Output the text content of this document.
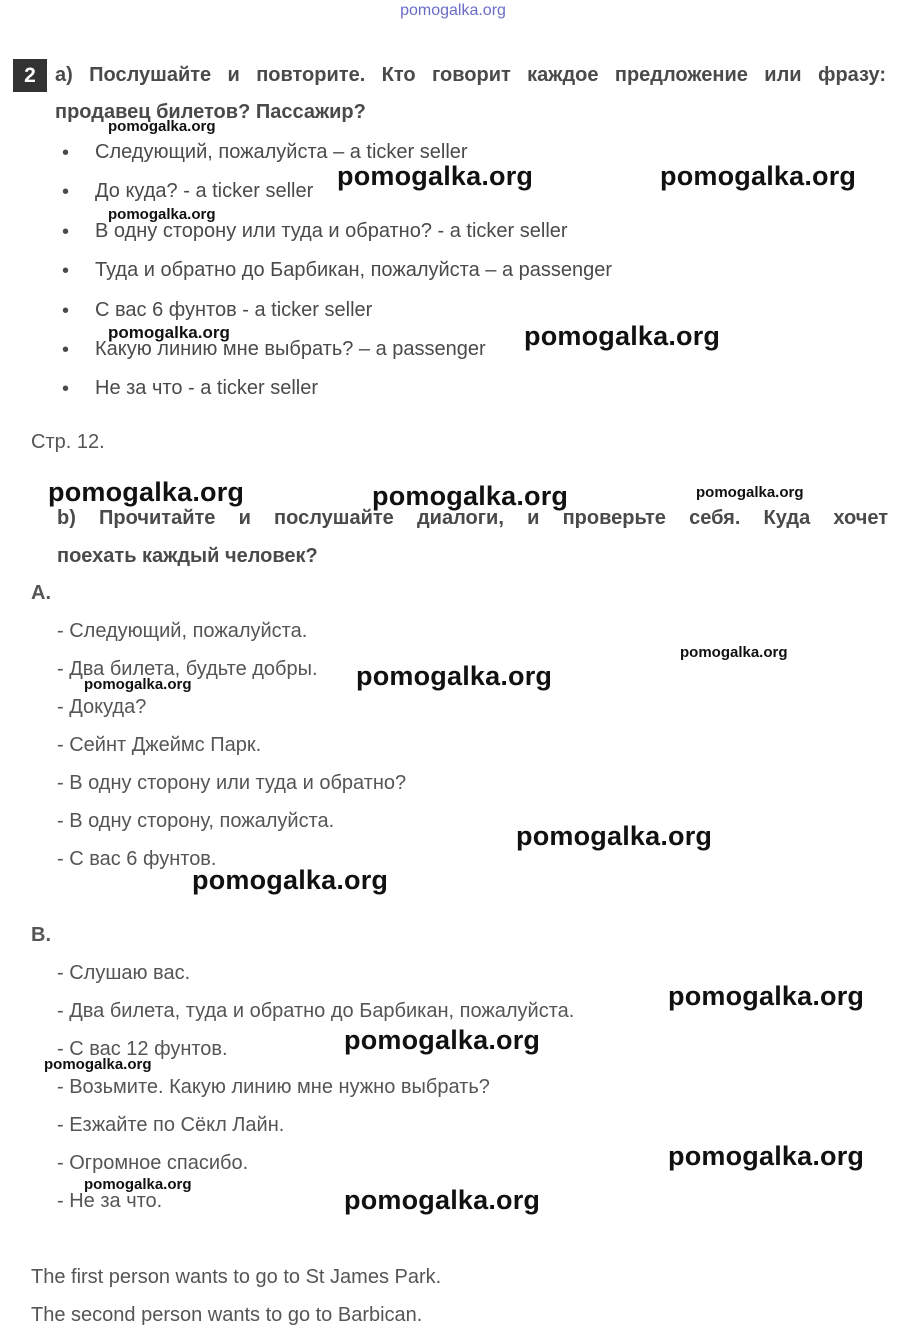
pomogalka.org
2 a) Послушайте и повторите. Кто говорит каждое предложение или фразу:
продавец билетов? Пассажир?
• Следующий, пожалуйста – a ticker seller
• До куда? - a ticker seller
• В одну сторону или туда и обратно? - a ticker seller
• Туда и обратно до Барбикан, пожалуйста – a passenger
• С вас 6 фунтов - a ticker seller
• Какую линию мне выбрать? – a passenger
• Не за что - a ticker seller
Стр. 12.
b) Прочитайте и послушайте диалоги, и проверьте себя. Куда хочет
поехать каждый человек?
A.
- Следующий, пожалуйста.
- Два билета, будьте добры.
- Докуда?
- Сейнт Джеймс Парк.
- В одну сторону или туда и обратно?
- В одну сторону, пожалуйста.
- С вас 6 фунтов.
B.
- Слушаю вас.
- Два билета, туда и обратно до Барбикан, пожалуйста.
- С вас 12 фунтов.
- Возьмите. Какую линию мне нужно выбрать?
- Езжайте по Сёкл Лайн.
- Огромное спасибо.
- Не за что.
The first person wants to go to St James Park.
The second person wants to go to Barbican.
pomogalka.org
pomogalka.org	pomogalka.org
pomogalka.org
pomogalka.org	pomogalka.org
pomogalka.org	pomogalka.org	pomogalka.org
pomogalka.org
pomogalka.org
pomogalka.org
pomogalka.org
pomogalka.org
pomogalka.org
pomogalka.org
pomogalka.org
pomogalka.org
pomogalka.org
pomogalka.org
